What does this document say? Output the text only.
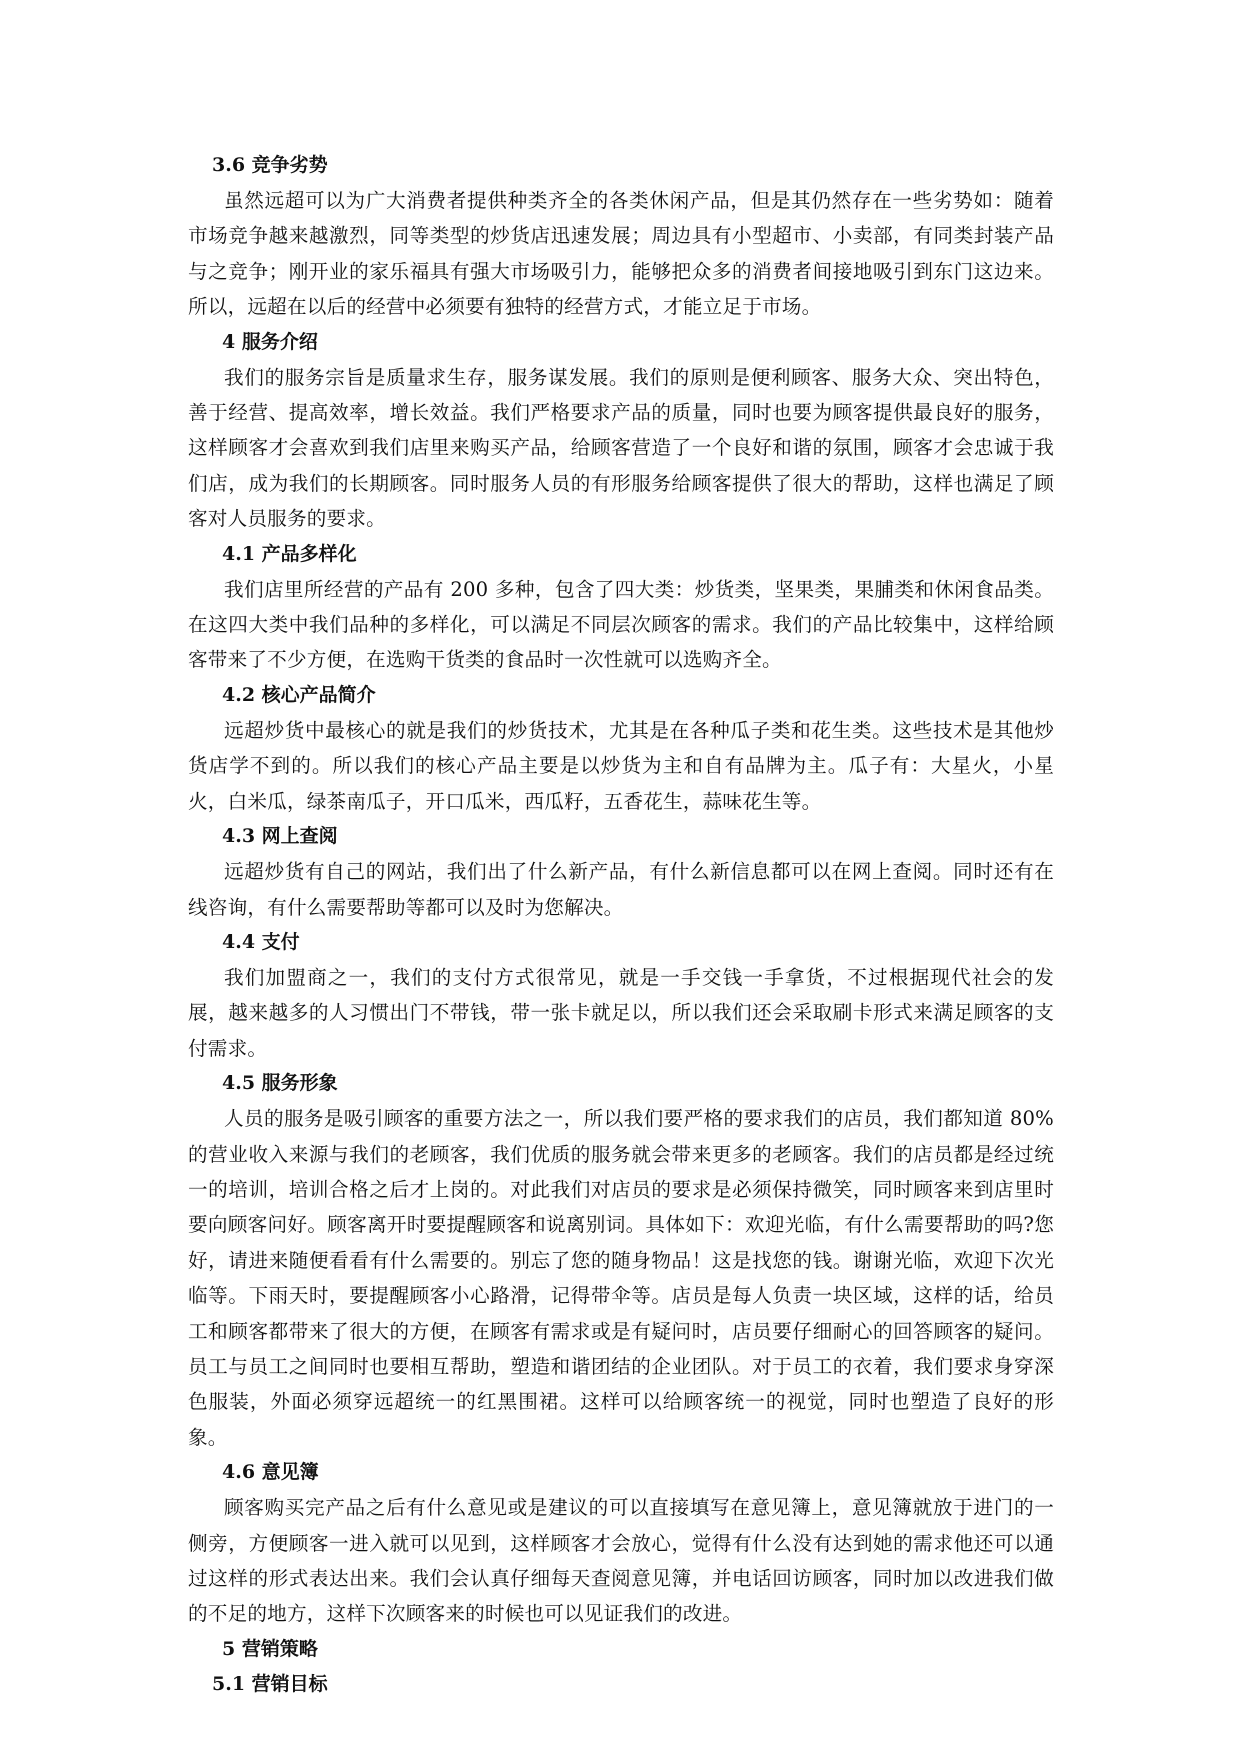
3.6 竞争劣势

虽然远超可以为广大消费者提供种类齐全的各类休闲产品，但是其仍然存在一些劣势如：随着市场竞争越来越激烈，同等类型的炒货店迅速发展；周边具有小型超市、小卖部，有同类封装产品与之竞争；刚开业的家乐福具有强大市场吸引力，能够把众多的消费者间接地吸引到东门这边来。所以，远超在以后的经营中必须要有独特的经营方式，才能立足于市场。

4 服务介绍

我们的服务宗旨是质量求生存，服务谋发展。我们的原则是便利顾客、服务大众、突出特色，善于经营、提高效率，增长效益。我们严格要求产品的质量，同时也要为顾客提供最良好的服务，这样顾客才会喜欢到我们店里来购买产品，给顾客营造了一个良好和谐的氛围，顾客才会忠诚于我们店，成为我们的长期顾客。同时服务人员的有形服务给顾客提供了很大的帮助，这样也满足了顾客对人员服务的要求。

4.1 产品多样化

我们店里所经营的产品有 200 多种，包含了四大类：炒货类，坚果类，果脯类和休闲食品类。在这四大类中我们品种的多样化，可以满足不同层次顾客的需求。我们的产品比较集中，这样给顾客带来了不少方便，在选购干货类的食品时一次性就可以选购齐全。

4.2 核心产品简介

远超炒货中最核心的就是我们的炒货技术，尤其是在各种瓜子类和花生类。这些技术是其他炒货店学不到的。所以我们的核心产品主要是以炒货为主和自有品牌为主。瓜子有：大星火，小星火，白米瓜，绿茶南瓜子，开口瓜米，西瓜籽，五香花生，蒜味花生等。

4.3 网上查阅

远超炒货有自己的网站，我们出了什么新产品，有什么新信息都可以在网上查阅。同时还有在线咨询，有什么需要帮助等都可以及时为您解决。

4.4 支付

我们加盟商之一，我们的支付方式很常见，就是一手交钱一手拿货，不过根据现代社会的发展，越来越多的人习惯出门不带钱，带一张卡就足以，所以我们还会采取刷卡形式来满足顾客的支付需求。

4.5 服务形象

人员的服务是吸引顾客的重要方法之一，所以我们要严格的要求我们的店员，我们都知道 80%的营业收入来源与我们的老顾客，我们优质的服务就会带来更多的老顾客。我们的店员都是经过统一的培训，培训合格之后才上岗的。对此我们对店员的要求是必须保持微笑，同时顾客来到店里时要向顾客问好。顾客离开时要提醒顾客和说离别词。具体如下：欢迎光临，有什么需要帮助的吗?您好，请进来随便看看有什么需要的。别忘了您的随身物品！这是找您的钱。谢谢光临，欢迎下次光临等。下雨天时，要提醒顾客小心路滑，记得带伞等。店员是每人负责一块区域，这样的话，给员工和顾客都带来了很大的方便，在顾客有需求或是有疑问时，店员要仔细耐心的回答顾客的疑问。员工与员工之间同时也要相互帮助，塑造和谐团结的企业团队。对于员工的衣着，我们要求身穿深色服装，外面必须穿远超统一的红黑围裙。这样可以给顾客统一的视觉，同时也塑造了良好的形象。

4.6 意见簿

顾客购买完产品之后有什么意见或是建议的可以直接填写在意见簿上，意见簿就放于进门的一侧旁，方便顾客一进入就可以见到，这样顾客才会放心，觉得有什么没有达到她的需求他还可以通过这样的形式表达出来。我们会认真仔细每天查阅意见簿，并电话回访顾客，同时加以改进我们做的不足的地方，这样下次顾客来的时候也可以见证我们的改进。

5 营销策略
5.1 营销目标
